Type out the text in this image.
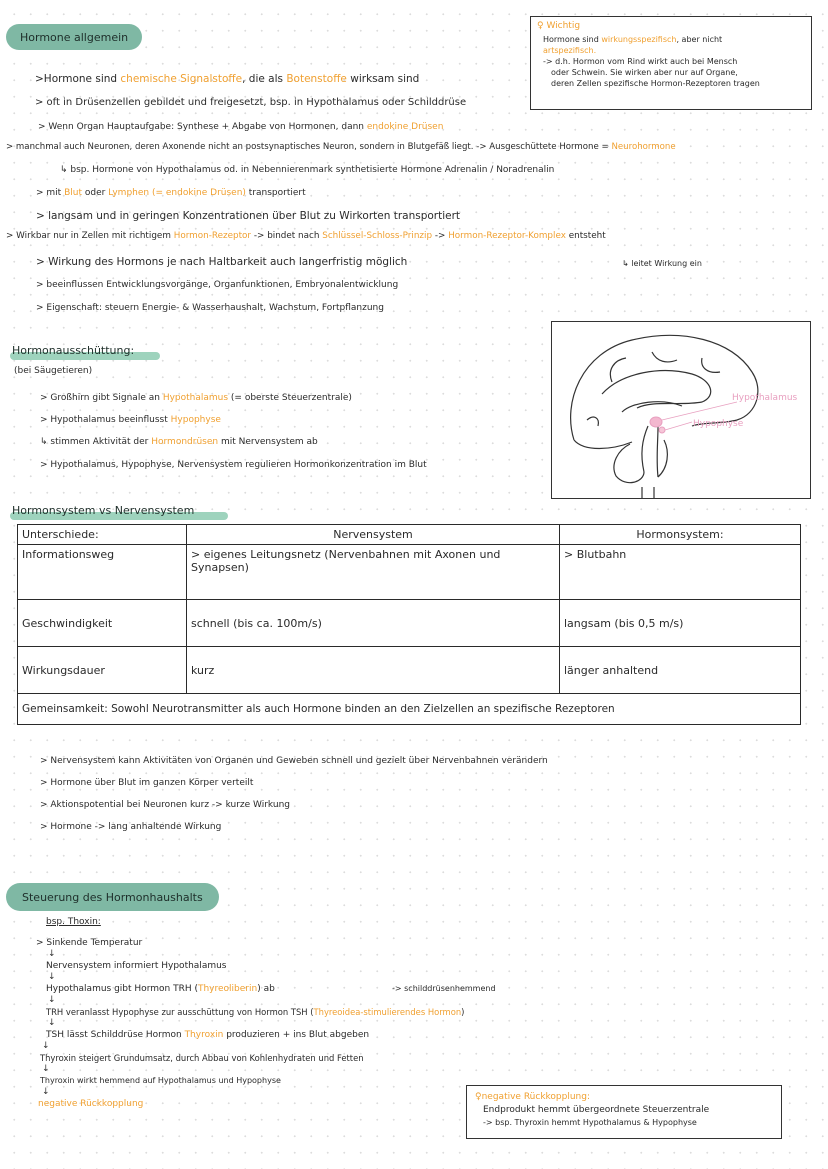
Hormone allgemein
>Hormone sind chemische Signalstoffe, die als Botenstoffe wirksam sind
> oft in Drüsenzellen gebildet und freigesetzt, bsp. in Hypothalamus oder Schilddrüse
> Wenn Organ Hauptaufgabe: Synthese + Abgabe von Hormonen, dann endokine Drüsen
> manchmal auch Neuronen, deren Axonende nicht an postsynaptisches Neuron, sondern in Blutgefäß liegt. -> Ausgeschüttete Hormone = Neurohormone
↳ bsp. Hormone von Hypothalamus od. in Nebennierenmark synthetisierte Hormone Adrenalin / Noradrenalin
> mit Blut oder Lymphen (= endokine Drüsen) transportiert
> langsam und in geringen Konzentrationen über Blut zu Wirkorten transportiert
> Wirkbar nur in Zellen mit richtigem Hormon-Rezeptor -> bindet nach Schlüssel-Schloss-Prinzip -> Hormon-Rezeptor-Komplex entsteht
↳ leitet Wirkung ein
> Wirkung des Hormons je nach Haltbarkeit auch langerfristig möglich
> beeinflussen Entwicklungsvorgänge, Organfunktionen, Embryonalentwicklung
> Eigenschaft: steuern Energie- & Wasserhaushalt, Wachstum, Fortpflanzung
♀ Wichtig
Hormone sind wirkungsspezifisch, aber nicht
artspezifisch.
-> d.h. Hormon vom Rind wirkt auch bei Mensch
oder Schwein. Sie wirken aber nur auf Organe,
deren Zellen spezifische Hormon-Rezeptoren tragen
Hormonausschüttung:
(bei Säugetieren)
> Großhirn gibt Signale an Hypothalamus (= oberste Steuerzentrale)
> Hypothalamus beeinflusst Hypophyse
↳ stimmen Aktivität der Hormondrüsen mit Nervensystem ab
> Hypothalamus, Hypophyse, Nervensystem regulieren Hormonkonzentration im Blut
Hypothalamus
Hypophyse
Hormonsystem vs Nervensystem
Unterschiede:	Nervensystem	Hormonsystem:
Informationsweg	> eigenes Leitungsnetz (Nervenbahnen mit Axonen und Synapsen)	> Blutbahn
Geschwindigkeit	schnell (bis ca. 100m/s)	langsam (bis 0,5 m/s)
Wirkungsdauer	kurz	länger anhaltend
Gemeinsamkeit: Sowohl Neurotransmitter als auch Hormone binden an den Zielzellen an spezifische Rezeptoren		
> Nervensystem kann Aktivitäten von Organen und Geweben schnell und gezielt über Nervenbahnen verändern
> Hormone über Blut im ganzen Körper verteilt
> Aktionspotential bei Neuronen kurz -> kurze Wirkung
> Hormone -> lang anhaltende Wirkung
Steuerung des Hormonhaushalts
bsp. Thoxin:
> Sinkende Temperatur
↓
Nervensystem informiert Hypothalamus
↓
Hypothalamus gibt Hormon TRH (Thyreoliberin) ab	-> schilddrüsenhemmend
↓
TRH veranlasst Hypophyse zur ausschüttung von Hormon TSH (Thyreoidea-stimulierendes Hormon)
↓
TSH lässt Schilddrüse Hormon Thyroxin produzieren + ins Blut abgeben
↓
Thyroxin steigert Grundumsatz, durch Abbau von Kohlenhydraten und Fetten
↓
Thyroxin wirkt hemmend auf Hypothalamus und Hypophyse
↓
negative Rückkopplung
♀negative Rückkopplung:
Endprodukt hemmt übergeordnete Steuerzentrale
-> bsp. Thyroxin hemmt Hypothalamus & Hypophyse
